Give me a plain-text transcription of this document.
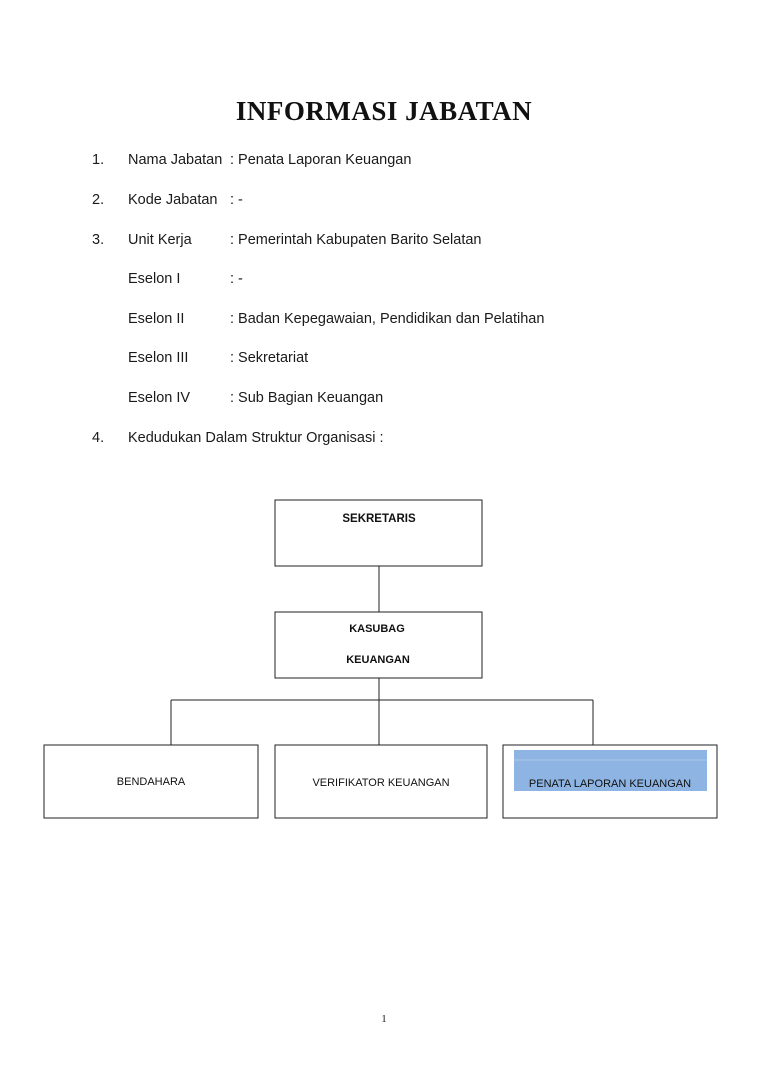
INFORMASI JABATAN
1. Nama Jabatan : Penata Laporan Keuangan
2. Kode Jabatan : -
3. Unit Kerja	: Pemerintah Kabupaten Barito Selatan
Eselon I	: -
Eselon II	: Badan Kepegawaian, Pendidikan dan Pelatihan
Eselon III	: Sekretariat
Eselon IV	: Sub Bagian Keuangan
4. Kedudukan Dalam Struktur Organisasi :
SEKRETARIS
KASUBAG
KEUANGAN
BENDAHARA	VERIFIKATOR KEUANGAN	PENATA LAPORAN KEUANGAN
1
